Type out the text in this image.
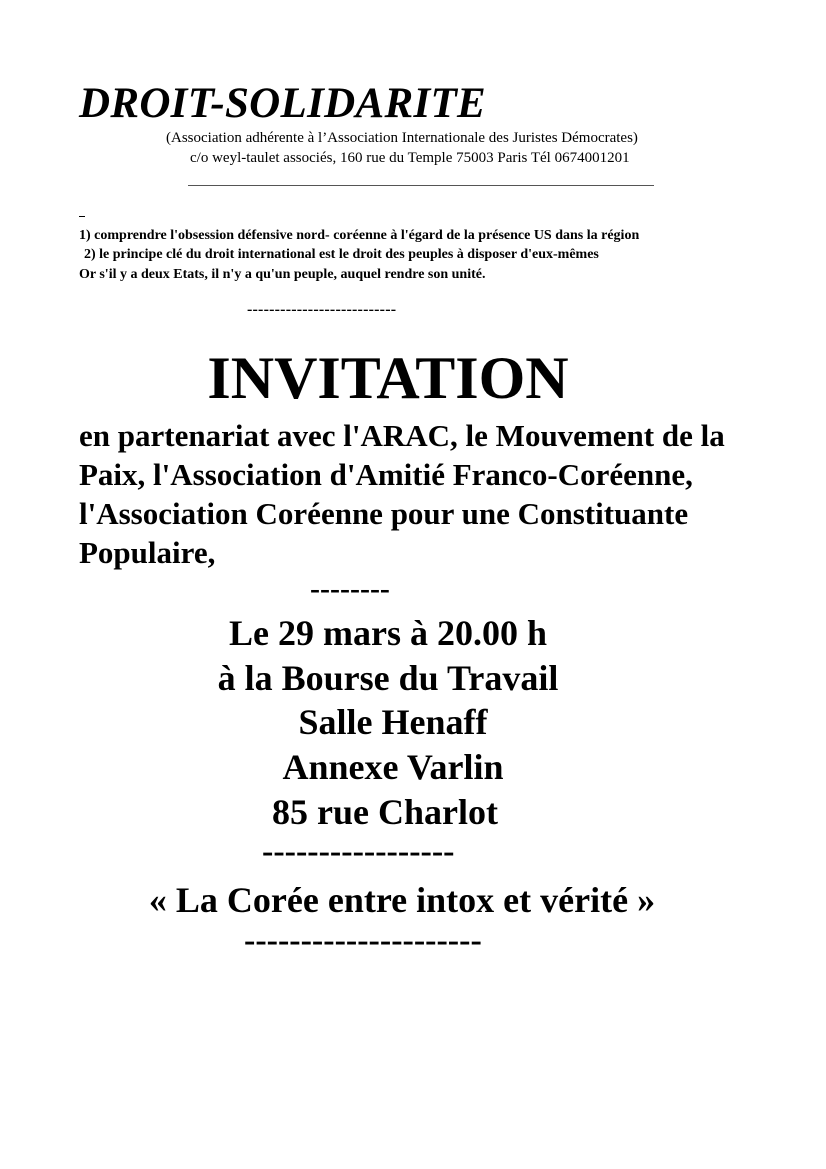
DROIT-SOLIDARITE
(Association adhérente à l’Association Internationale des Juristes Démocrates)
c/o weyl-taulet associés, 160 rue du Temple 75003 Paris Tél 0674001201
1) comprendre l'obsession défensive nord- coréenne à l'égard de la présence US dans la région
2) le principe clé du droit international est le droit des peuples à disposer d'eux-mêmes
Or s'il y a deux Etats, il n'y a qu'un peuple, auquel rendre son unité.
---------------------------
INVITATION
en partenariat avec l'ARAC, le Mouvement de la Paix, l'Association d'Amitié Franco-Coréenne, l'Association Coréenne pour une Constituante Populaire,
--------
Le 29 mars à 20.00 h
à la Bourse du Travail
Salle Henaff
Annexe Varlin
85 rue Charlot
-----------------
« La Corée entre intox et vérité »
---------------------
